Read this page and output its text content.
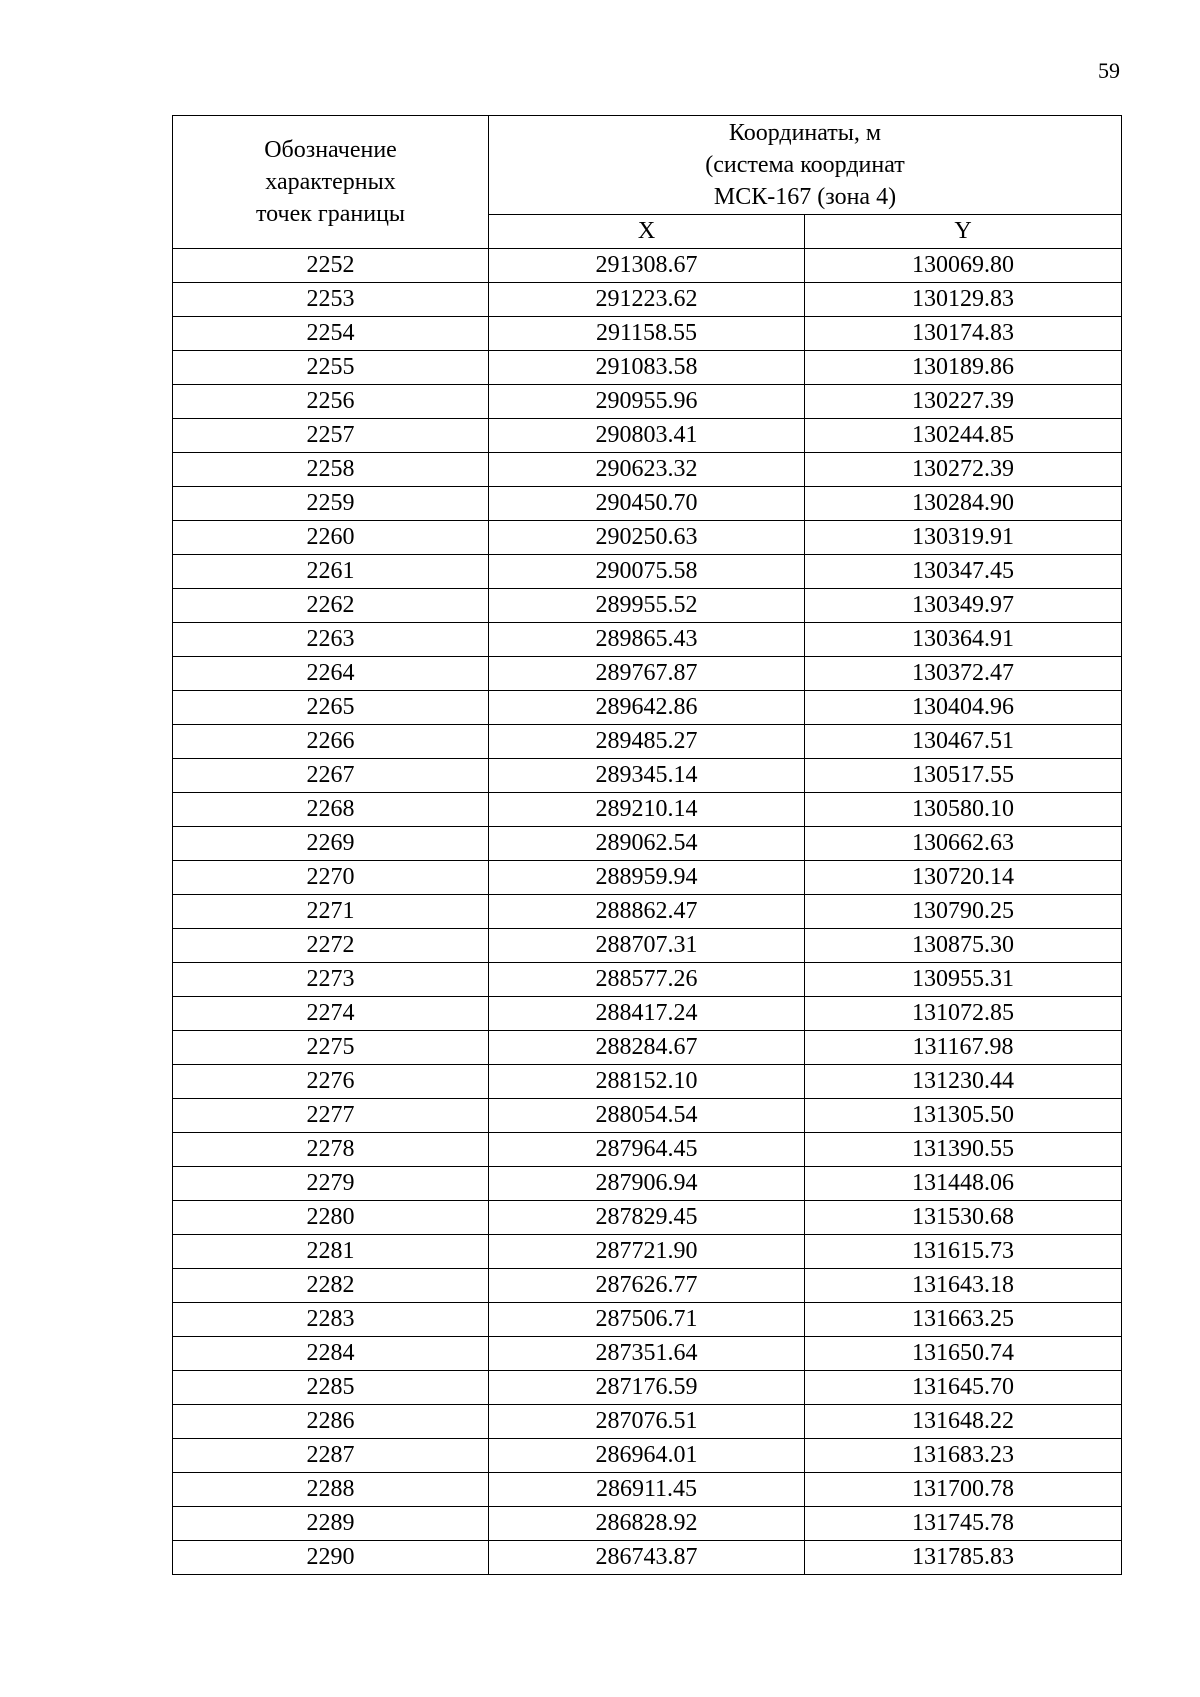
59
Обозначение
характерных
точек границы	Координаты, м
(система координат
МСК-167 (зона 4)	

	X	Y
2252	291308.67	130069.80
2253	291223.62	130129.83
2254	291158.55	130174.83
2255	291083.58	130189.86
2256	290955.96	130227.39
2257	290803.41	130244.85
2258	290623.32	130272.39
2259	290450.70	130284.90
2260	290250.63	130319.91
2261	290075.58	130347.45
2262	289955.52	130349.97
2263	289865.43	130364.91
2264	289767.87	130372.47
2265	289642.86	130404.96
2266	289485.27	130467.51
2267	289345.14	130517.55
2268	289210.14	130580.10
2269	289062.54	130662.63
2270	288959.94	130720.14
2271	288862.47	130790.25
2272	288707.31	130875.30
2273	288577.26	130955.31
2274	288417.24	131072.85
2275	288284.67	131167.98
2276	288152.10	131230.44
2277	288054.54	131305.50
2278	287964.45	131390.55
2279	287906.94	131448.06
2280	287829.45	131530.68
2281	287721.90	131615.73
2282	287626.77	131643.18
2283	287506.71	131663.25
2284	287351.64	131650.74
2285	287176.59	131645.70
2286	287076.51	131648.22
2287	286964.01	131683.23
2288	286911.45	131700.78
2289	286828.92	131745.78
2290	286743.87	131785.83
